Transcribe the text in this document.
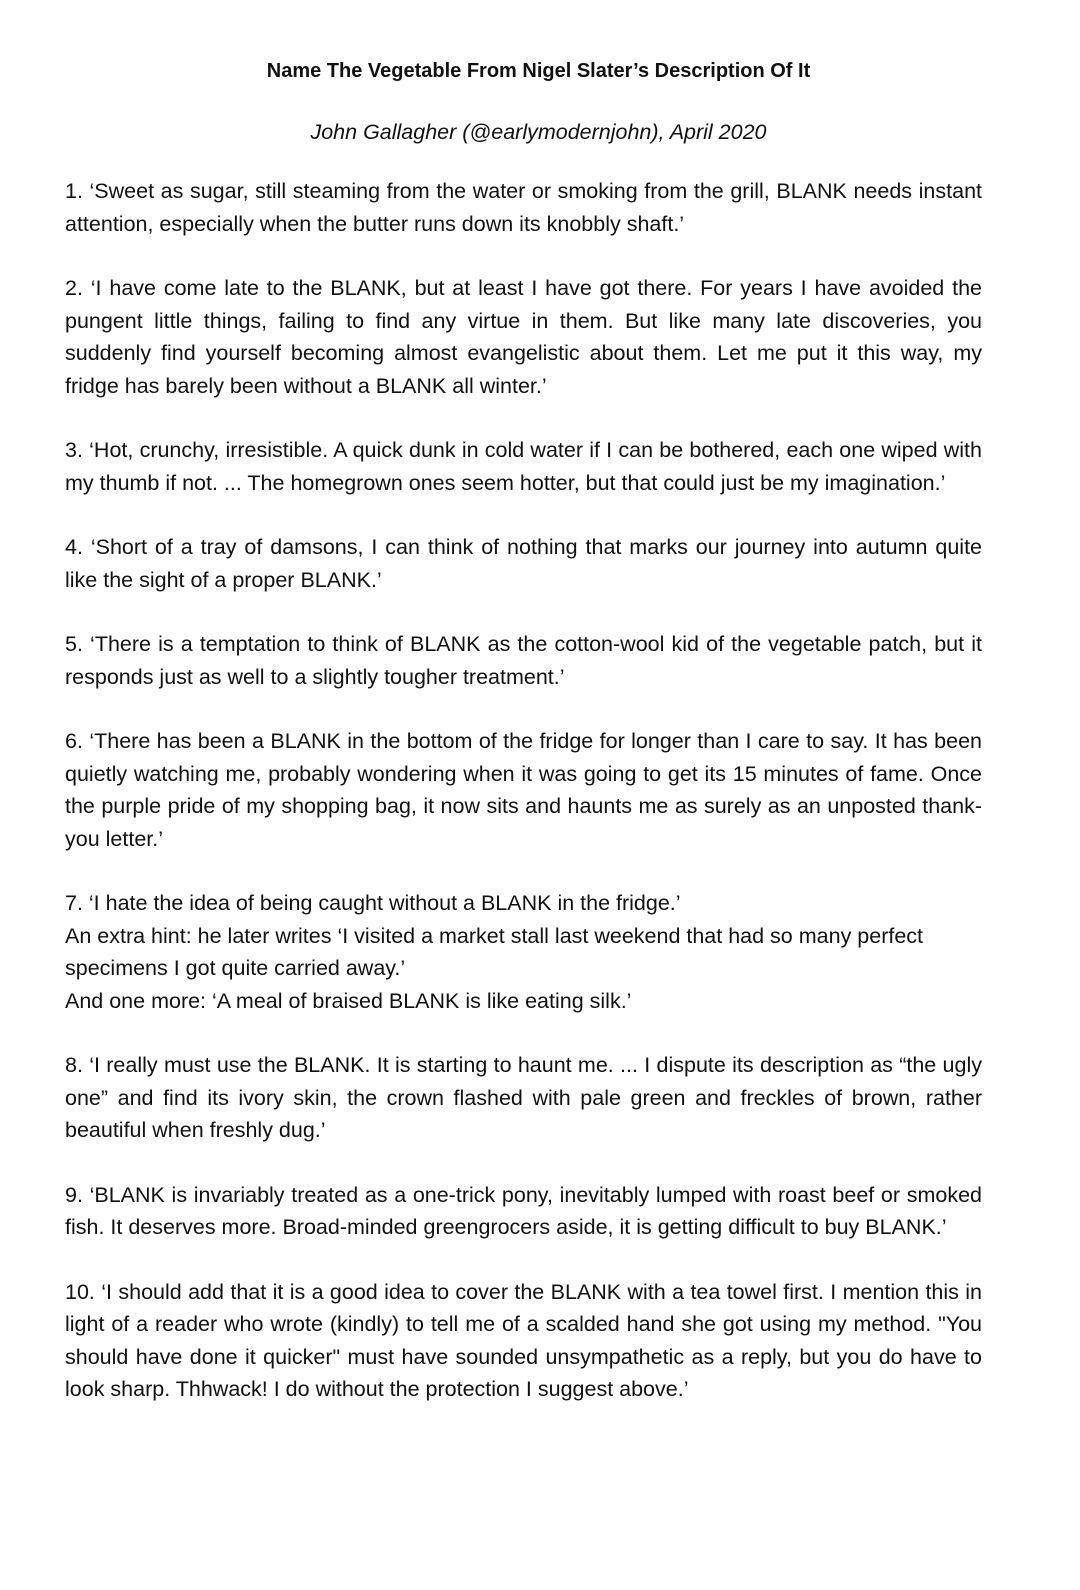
Name The Vegetable From Nigel Slater’s Description Of It
John Gallagher (@earlymodernjohn), April 2020
1. ‘Sweet as sugar, still steaming from the water or smoking from the grill, BLANK needs instant attention, especially when the butter runs down its knobbly shaft.’
2. ‘I have come late to the BLANK, but at least I have got there. For years I have avoided the pungent little things, failing to find any virtue in them. But like many late discoveries, you suddenly find yourself becoming almost evangelistic about them. Let me put it this way, my fridge has barely been without a BLANK all winter.’
3. ‘Hot, crunchy, irresistible. A quick dunk in cold water if I can be bothered, each one wiped with my thumb if not. ... The homegrown ones seem hotter, but that could just be my imagination.’
4. ‘Short of a tray of damsons, I can think of nothing that marks our journey into autumn quite like the sight of a proper BLANK.’
5. ‘There is a temptation to think of BLANK as the cotton-wool kid of the vegetable patch, but it responds just as well to a slightly tougher treatment.’
6. ‘There has been a BLANK in the bottom of the fridge for longer than I care to say. It has been quietly watching me, probably wondering when it was going to get its 15 minutes of fame. Once the purple pride of my shopping bag, it now sits and haunts me as surely as an unposted thank-you letter.’
7. ‘I hate the idea of being caught without a BLANK in the fridge.’
An extra hint: he later writes ‘I visited a market stall last weekend that had so many perfect specimens I got quite carried away.’
And one more: ‘A meal of braised BLANK is like eating silk.’
8. ‘I really must use the BLANK. It is starting to haunt me. ... I dispute its description as “the ugly one” and find its ivory skin, the crown flashed with pale green and freckles of brown, rather beautiful when freshly dug.’
9. ‘BLANK is invariably treated as a one-trick pony, inevitably lumped with roast beef or smoked fish. It deserves more. Broad-minded greengrocers aside, it is getting difficult to buy BLANK.’
10. ‘I should add that it is a good idea to cover the BLANK with a tea towel first. I mention this in light of a reader who wrote (kindly) to tell me of a scalded hand she got using my method. "You should have done it quicker" must have sounded unsympathetic as a reply, but you do have to look sharp. Thhwack! I do without the protection I suggest above.’
